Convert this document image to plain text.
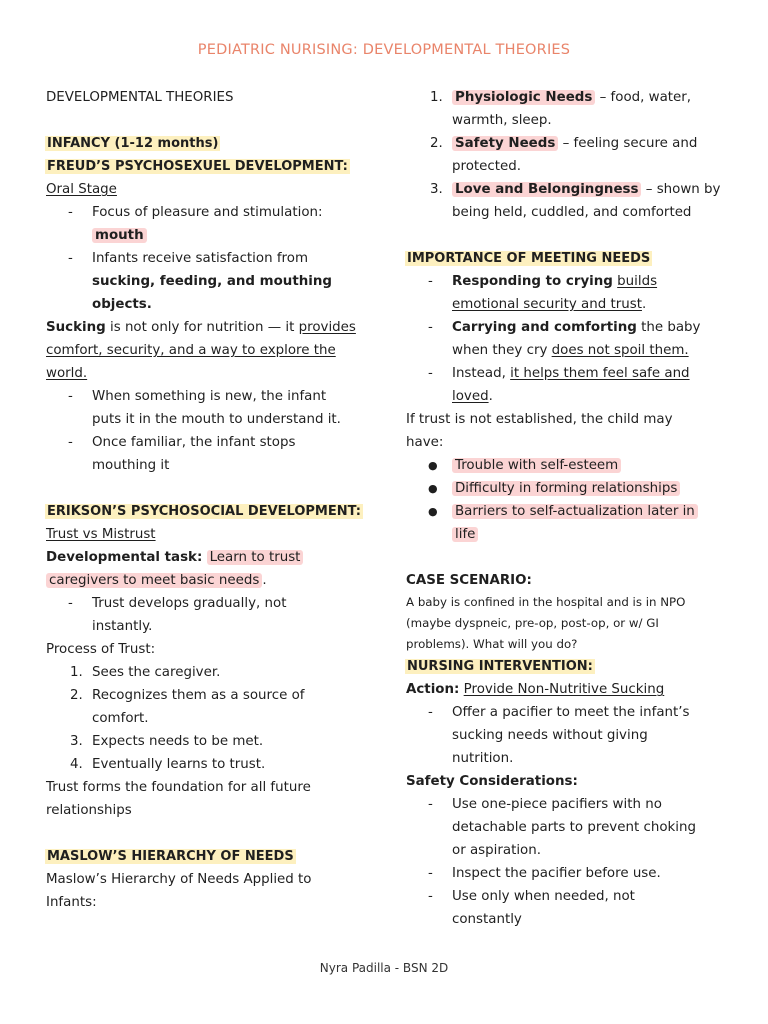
PEDIATRIC NURISING: DEVELOPMENTAL THEORIES
DEVELOPMENTAL THEORIES
INFANCY (1-12 months)
FREUD’S PSYCHOSEXUEL DEVELOPMENT:
Oral Stage
-	Focus of pleasure and stimulation:
mouth
-	Infants receive satisfaction from
sucking, feeding, and mouthing
objects.
Sucking is not only for nutrition — it provides
comfort, security, and a way to explore the
world.
-	When something is new, the infant
puts it in the mouth to understand it.
-	Once familiar, the infant stops
mouthing it
ERIKSON’S PSYCHOSOCIAL DEVELOPMENT:
Trust vs Mistrust
Developmental task: Learn to trust
caregivers to meet basic needs .
-	Trust develops gradually, not
instantly.
Process of Trust:
1. Sees the caregiver.
2. Recognizes them as a source of
comfort.
3. Expects needs to be met.
4. Eventually learns to trust.
Trust forms the foundation for all future
relationships
MASLOW’S HIERARCHY OF NEEDS
Maslow’s Hierarchy of Needs Applied to
Infants:
1. Physiologic Needs – food, water,
warmth, sleep.
2. Safety Needs – feeling secure and
protected.
3. Love and Belongingness – shown by
being held, cuddled, and comforted
IMPORTANCE OF MEETING NEEDS
-	Responding to crying builds
emotional security and trust.
-	Carrying and comforting the baby
when they cry does not spoil them.
-	Instead, it helps them feel safe and
loved.
If trust is not established, the child may
have:
●	Trouble with self-esteem
●	Difficulty in forming relationships
●	Barriers to self-actualization later in
life
CASE SCENARIO:
A baby is confined in the hospital and is in NPO
(maybe dyspneic, pre-op, post-op, or w/ GI
problems). What will you do?
NURSING INTERVENTION:
Action: Provide Non-Nutritive Sucking
-	Offer a pacifier to meet the infant’s
sucking needs without giving
nutrition.
Safety Considerations:
-	Use one-piece pacifiers with no
detachable parts to prevent choking
or aspiration.
-	Inspect the pacifier before use.
-	Use only when needed, not
constantly
Nyra Padilla - BSN 2D
